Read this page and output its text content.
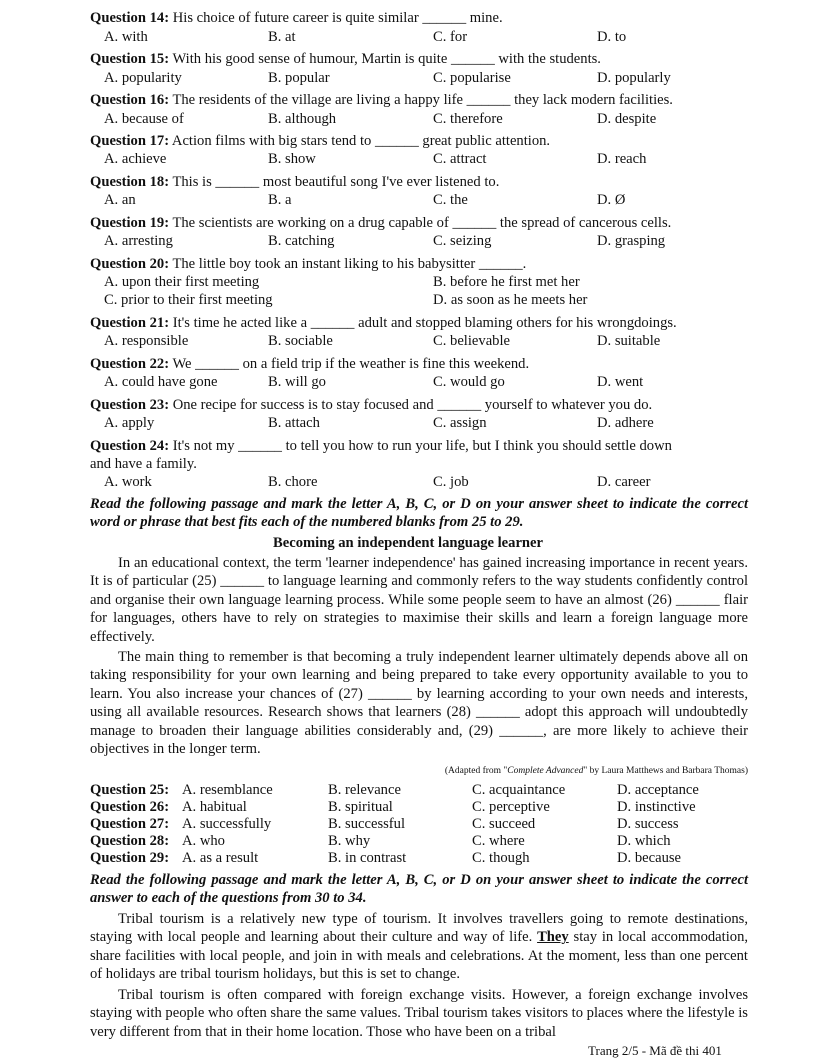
Question 14: His choice of future career is quite similar ______ mine.
A. with	B. at	C. for	D. to
Question 15: With his good sense of humour, Martin is quite ______ with the students.
A. popularity	B. popular	C. popularise	D. popularly
Question 16: The residents of the village are living a happy life ______ they lack modern facilities.
A. because of	B. although	C. therefore	D. despite
Question 17: Action films with big stars tend to ______ great public attention.
A. achieve	B. show	C. attract	D. reach
Question 18: This is ______ most beautiful song I've ever listened to.
A. an	B. a	C. the	D. Ø
Question 19: The scientists are working on a drug capable of ______ the spread of cancerous cells.
A. arresting	B. catching	C. seizing	D. grasping
Question 20: The little boy took an instant liking to his babysitter ______.
A. upon their first meeting	B. before he first met her
C. prior to their first meeting	D. as soon as he meets her
Question 21: It's time he acted like a ______ adult and stopped blaming others for his wrongdoings.
A. responsible	B. sociable	C. believable	D. suitable
Question 22: We ______ on a field trip if the weather is fine this weekend.
A. could have gone	B. will go	C. would go	D. went
Question 23: One recipe for success is to stay focused and ______ yourself to whatever you do.
A. apply	B. attach	C. assign	D. adhere
Question 24: It's not my ______ to tell you how to run your life, but I think you should settle down
and have a family.
A. work	B. chore	C. job	D. career
Read the following passage and mark the letter A, B, C, or D on your answer sheet to indicate the correct word or phrase that best fits each of the numbered blanks from 25 to 29.
Becoming an independent language learner
In an educational context, the term 'learner independence' has gained increasing importance in recent years. It is of particular (25) ______ to language learning and commonly refers to the way students confidently control and organise their own language learning process. While some people seem to have an almost (26) ______ flair for languages, others have to rely on strategies to maximise their skills and learn a foreign language more effectively.
The main thing to remember is that becoming a truly independent learner ultimately depends above all on taking responsibility for your own learning and being prepared to take every opportunity available to you to learn. You also increase your chances of (27) ______ by learning according to your own needs and interests, using all available resources. Research shows that learners (28) ______ adopt this approach will undoubtedly manage to broaden their language abilities considerably and, (29) ______, are more likely to achieve their objectives in the longer term.
(Adapted from "Complete Advanced" by Laura Matthews and Barbara Thomas)
Question 25: A. resemblance	B. relevance	C. acquaintance	D. acceptance
Question 26: A. habitual	B. spiritual	C. perceptive	D. instinctive
Question 27: A. successfully	B. successful	C. succeed	D. success
Question 28: A. who	B. why	C. where	D. which
Question 29: A. as a result	B. in contrast	C. though	D. because
Read the following passage and mark the letter A, B, C, or D on your answer sheet to indicate the correct answer to each of the questions from 30 to 34.
Tribal tourism is a relatively new type of tourism. It involves travellers going to remote destinations, staying with local people and learning about their culture and way of life. They stay in local accommodation, share facilities with local people, and join in with meals and celebrations. At the moment, less than one percent of holidays are tribal tourism holidays, but this is set to change.
Tribal tourism is often compared with foreign exchange visits. However, a foreign exchange involves staying with people who often share the same values. Tribal tourism takes visitors to places where the lifestyle is very different from that in their home location. Those who have been on a tribal
Trang 2/5 - Mã đề thi 401
